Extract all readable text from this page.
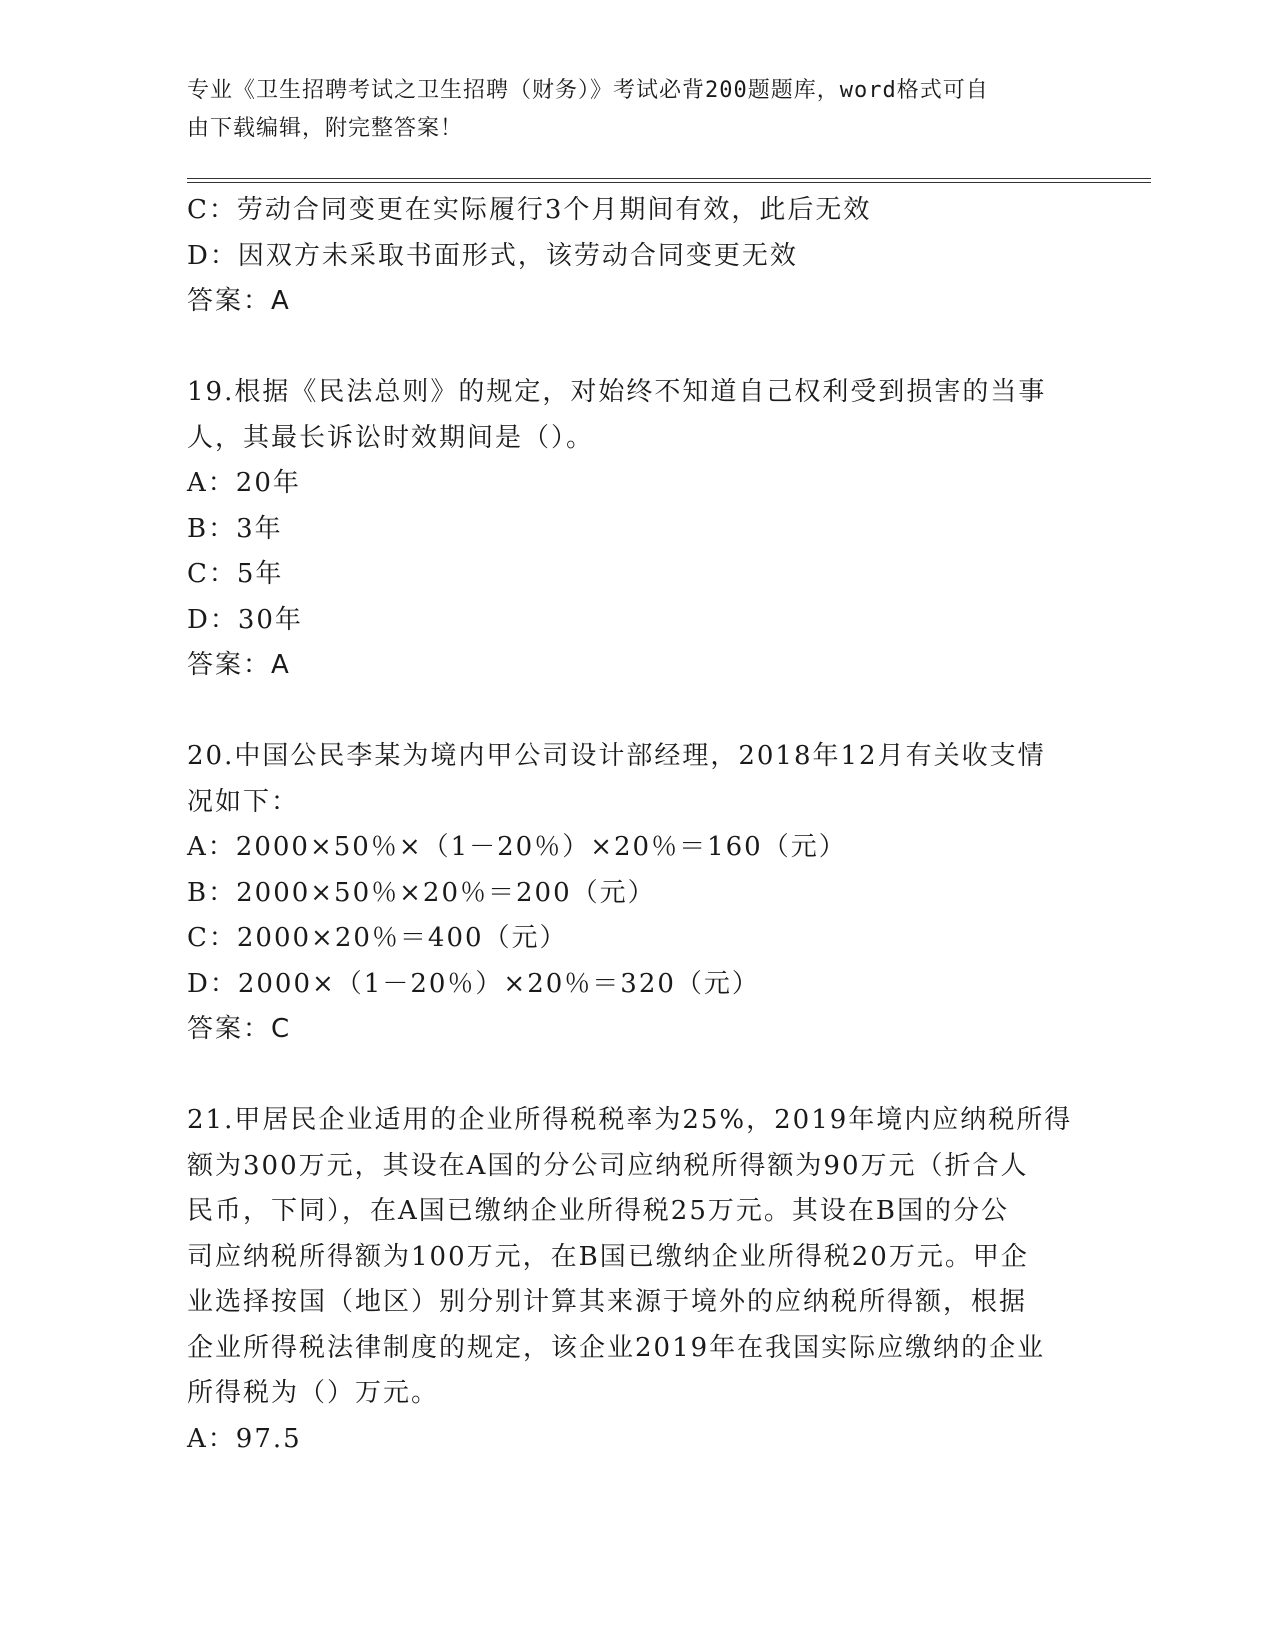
专业《卫生招聘考试之卫生招聘（财务）》考试必背200题题库，word格式可自
由下载编辑，附完整答案！
C：劳动合同变更在实际履行3个月期间有效，此后无效
D：因双方未采取书面形式，该劳动合同变更无效
答案：A
19.根据《民法总则》的规定，对始终不知道自己权利受到损害的当事
人，其最长诉讼时效期间是（）。
A：20年
B：3年
C：5年
D：30年
答案：A
20.中国公民李某为境内甲公司设计部经理，2018年12月有关收支情
况如下：
A：2000×50％×（1－20％）×20％＝160（元）
B：2000×50％×20％＝200（元）
C：2000×20％＝400（元）
D：2000×（1－20％）×20％＝320（元）
答案：C
21.甲居民企业适用的企业所得税税率为25%，2019年境内应纳税所得
额为300万元，其设在A国的分公司应纳税所得额为90万元（折合人
民币，下同），在A国已缴纳企业所得税25万元。其设在B国的分公
司应纳税所得额为100万元，在B国已缴纳企业所得税20万元。甲企
业选择按国（地区）别分别计算其来源于境外的应纳税所得额，根据
企业所得税法律制度的规定，该企业2019年在我国实际应缴纳的企业
所得税为（）万元。
A：97.5
